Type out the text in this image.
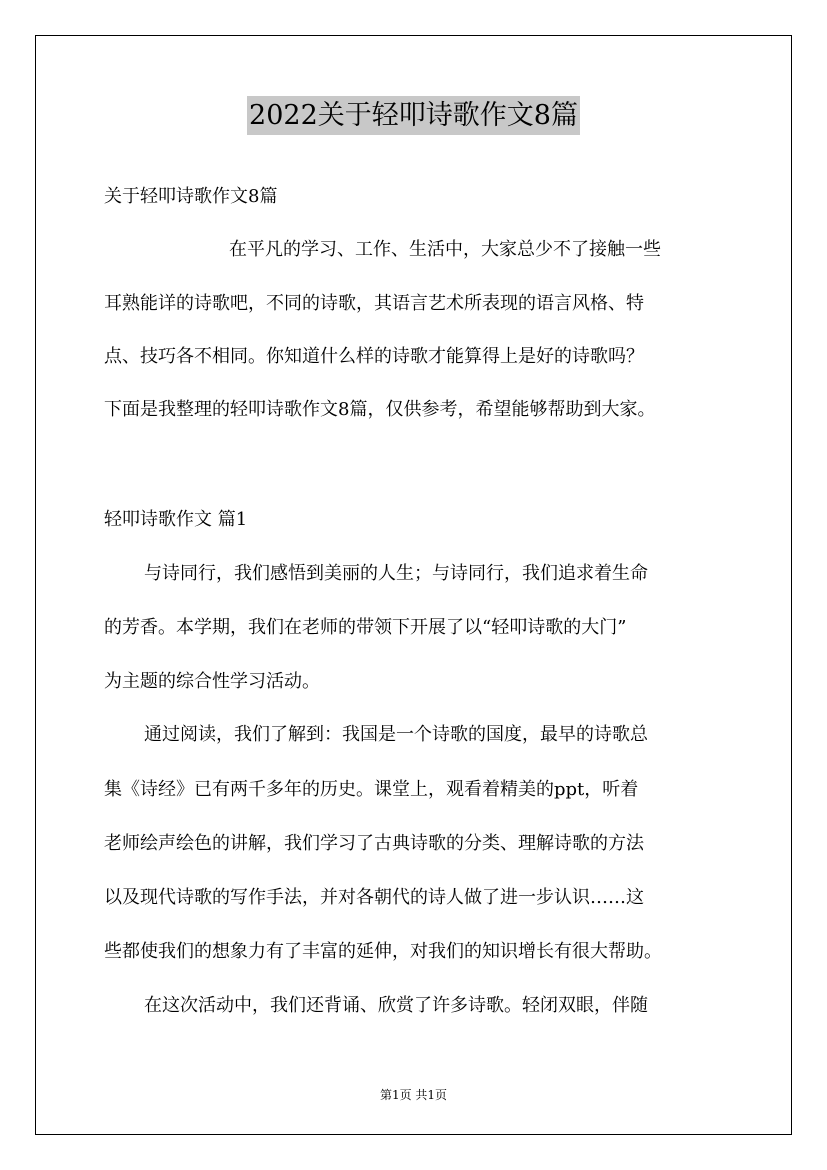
2022关于轻叩诗歌作文8篇
关于轻叩诗歌作文8篇
在平凡的学习、工作、生活中，大家总少不了接触一些
耳熟能详的诗歌吧，不同的诗歌，其语言艺术所表现的语言风格、特
点、技巧各不相同。你知道什么样的诗歌才能算得上是好的诗歌吗？
下面是我整理的轻叩诗歌作文8篇，仅供参考，希望能够帮助到大家。
轻叩诗歌作文 篇1
与诗同行，我们感悟到美丽的人生；与诗同行，我们追求着生命
的芳香。本学期，我们在老师的带领下开展了以“轻叩诗歌的大门”
为主题的综合性学习活动。
通过阅读，我们了解到：我国是一个诗歌的国度，最早的诗歌总
集《诗经》已有两千多年的历史。课堂上，观看着精美的ppt，听着
老师绘声绘色的讲解，我们学习了古典诗歌的分类、理解诗歌的方法
以及现代诗歌的写作手法，并对各朝代的诗人做了进一步认识……这
些都使我们的想象力有了丰富的延伸，对我们的知识增长有很大帮助。
在这次活动中，我们还背诵、欣赏了许多诗歌。轻闭双眼，伴随
第1页 共1页
